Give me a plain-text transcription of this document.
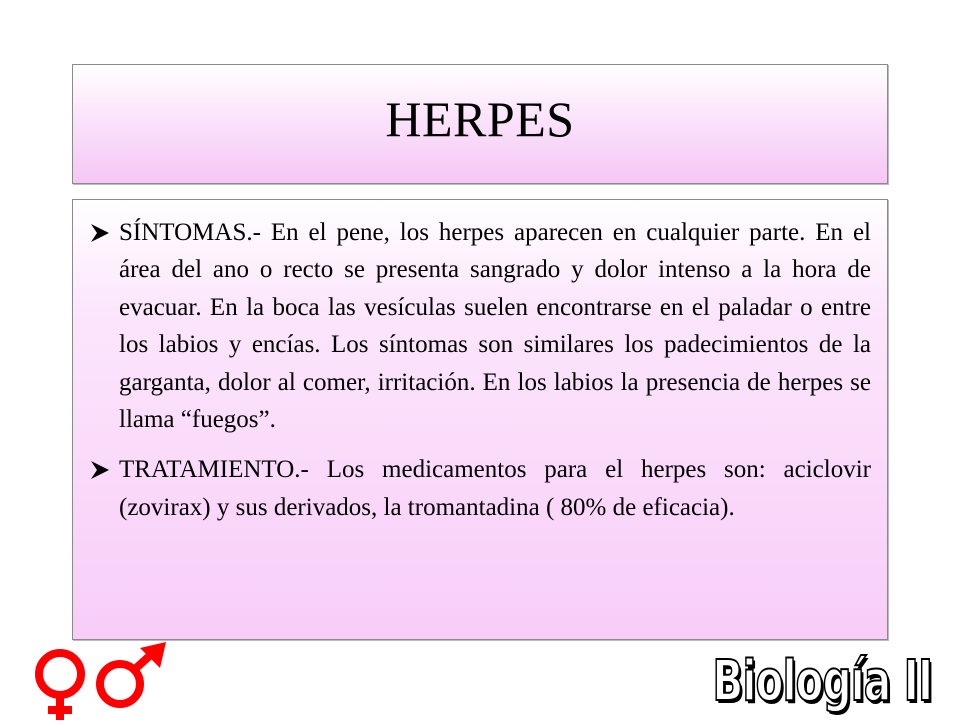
HERPES

SÍNTOMAS.- En el pene, los herpes aparecen en cualquier parte. En el área del ano o recto se presenta sangrado y dolor intenso a la hora de evacuar. En la boca las vesículas suelen encontrarse en el paladar o entre los labios y encías. Los síntomas son similares los padecimientos de la garganta, dolor al comer, irritación. En los labios la presencia de herpes se llama “fuegos”.

TRATAMIENTO.- Los medicamentos para el herpes son: aciclovir (zovirax) y sus derivados, la tromantadina ( 80% de eficacia).

Biología II
